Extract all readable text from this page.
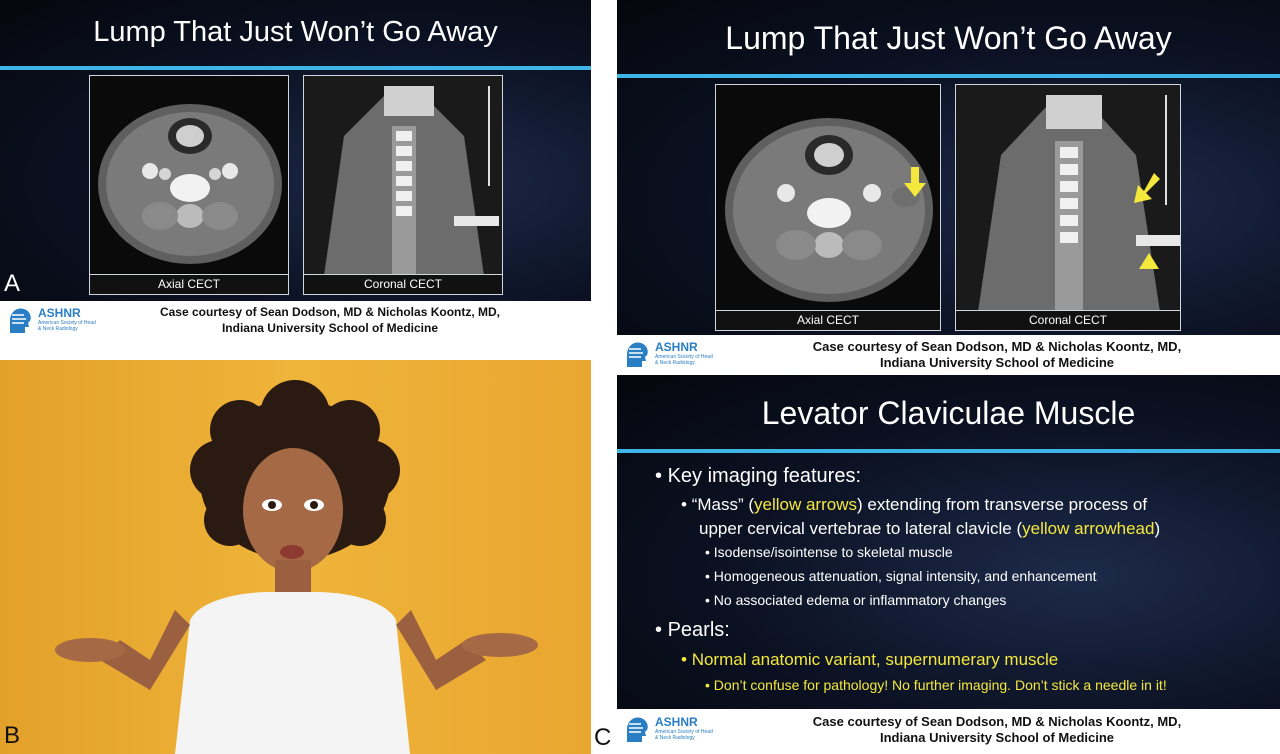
Lump That Just Won’t Go Away
Axial CECT	Coronal CECT
ASHNR
American Society of Head & Neck Radiology
Case courtesy of Sean Dodson, MD & Nicholas Koontz, MD,
Indiana University School of Medicine
A
Lump That Just Won’t Go Away
Axial CECT	Coronal CECT
ASHNR
American Society of Head & Neck Radiology
Case courtesy of Sean Dodson, MD & Nicholas Koontz, MD,
Indiana University School of Medicine
B
Levator Claviculae Muscle
• Key imaging features:
• “Mass” (yellow arrows) extending from transverse process of
upper cervical vertebrae to lateral clavicle (yellow arrowhead)
• Isodense/isointense to skeletal muscle
• Homogeneous attenuation, signal intensity, and enhancement
• No associated edema or inflammatory changes
• Pearls:
• Normal anatomic variant, supernumerary muscle
• Don’t confuse for pathology! No further imaging. Don’t stick a needle in it!
ASHNR
American Society of Head & Neck Radiology
Case courtesy of Sean Dodson, MD & Nicholas Koontz, MD,
Indiana University School of Medicine
C
